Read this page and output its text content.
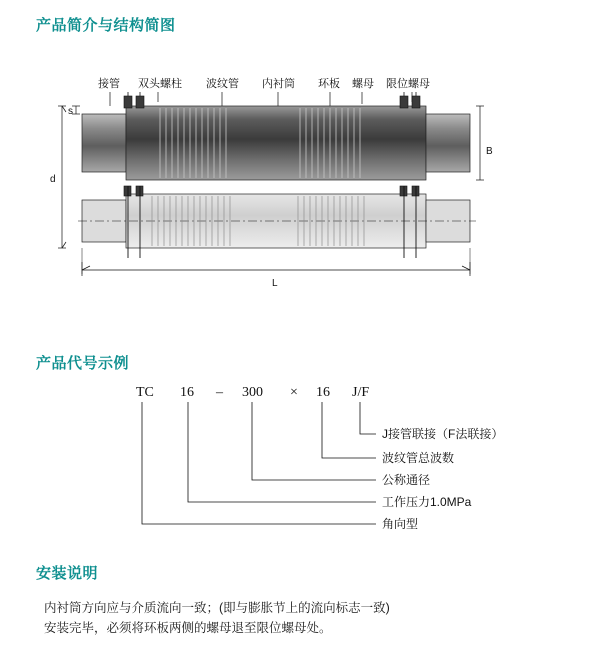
产品简介与结构简图
产品代号示例
安装说明
接管 双头螺柱 波纹管 内衬筒 环板 螺母 限位螺母
s
d
B
L
TC 16 – 300 × 16 J/F
J接管联接（F法联接）
波纹管总波数
公称通径
工作压力1.0MPa
角向型
内衬筒方向应与介质流向一致；(即与膨胀节上的流向标志一致)
安装完毕，必须将环板两侧的螺母退至限位螺母处。
